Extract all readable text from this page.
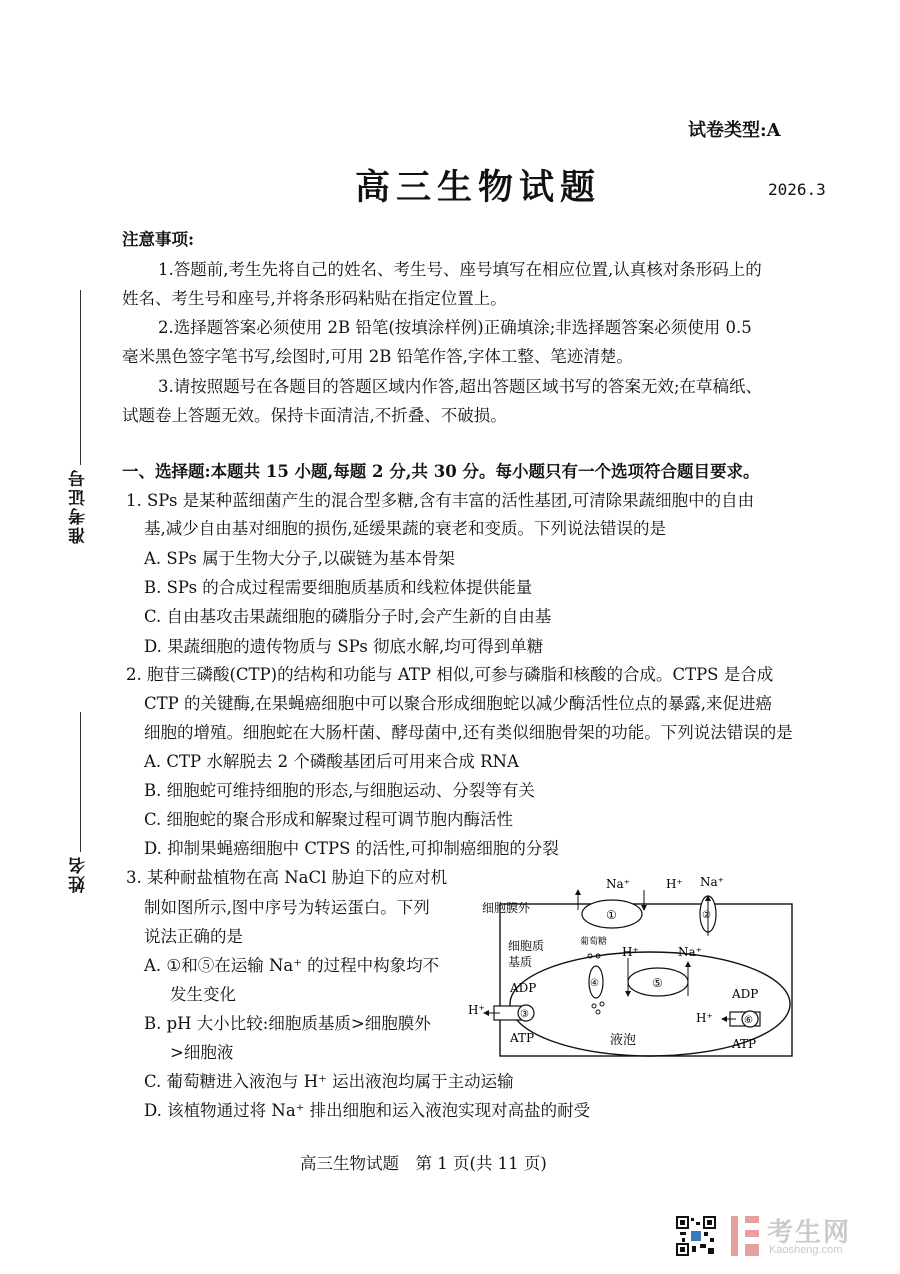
试卷类型:A
高三生物试题	2026.3
准考证号
姓名
注意事项:
1.答题前,考生先将自己的姓名、考生号、座号填写在相应位置,认真核对条形码上的
姓名、考生号和座号,并将条形码粘贴在指定位置上。
2.选择题答案必须使用 2B 铅笔(按填涂样例)正确填涂;非选择题答案必须使用 0.5
毫米黑色签字笔书写,绘图时,可用 2B 铅笔作答,字体工整、笔迹清楚。
3.请按照题号在各题目的答题区域内作答,超出答题区域书写的答案无效;在草稿纸、
试题卷上答题无效。保持卡面清洁,不折叠、不破损。
一、选择题:本题共 15 小题,每题 2 分,共 30 分。每小题只有一个选项符合题目要求。
1. SPs 是某种蓝细菌产生的混合型多糖,含有丰富的活性基团,可清除果蔬细胞中的自由
基,减少自由基对细胞的损伤,延缓果蔬的衰老和变质。下列说法错误的是
A. SPs 属于生物大分子,以碳链为基本骨架
B. SPs 的合成过程需要细胞质基质和线粒体提供能量
C. 自由基攻击果蔬细胞的磷脂分子时,会产生新的自由基
D. 果蔬细胞的遗传物质与 SPs 彻底水解,均可得到单糖
2. 胞苷三磷酸(CTP)的结构和功能与 ATP 相似,可参与磷脂和核酸的合成。CTPS 是合成
CTP 的关键酶,在果蝇癌细胞中可以聚合形成细胞蛇以减少酶活性位点的暴露,来促进癌
细胞的增殖。细胞蛇在大肠杆菌、酵母菌中,还有类似细胞骨架的功能。下列说法错误的是
A. CTP 水解脱去 2 个磷酸基团后可用来合成 RNA
B. 细胞蛇可维持细胞的形态,与细胞运动、分裂等有关
C. 细胞蛇的聚合形成和解聚过程可调节胞内酶活性
D. 抑制果蝇癌细胞中 CTPS 的活性,可抑制癌细胞的分裂
3. 某种耐盐植物在高 NaCl 胁迫下的应对机
制如图所示,图中序号为转运蛋白。下列
说法正确的是
A. ①和⑤在运输 Na⁺ 的过程中构象均不
发生变化
B. pH 大小比较:细胞质基质>细胞膜外
>细胞液
C. 葡萄糖进入液泡与 H⁺ 运出液泡均属于主动运输
D. 该植物通过将 Na⁺ 排出细胞和运入液泡实现对高盐的耐受
①
Na⁺	H⁺
②
Na⁺
细胞膜外
细胞质
基质
葡萄糖
④	⑤
H⁺	Na⁺
③
ADP
ATP
H⁺
⑥
ADP
ATP
H⁺
液泡
高三生物试题　第 1 页(共 11 页)
考生网
Kaosheng.com
